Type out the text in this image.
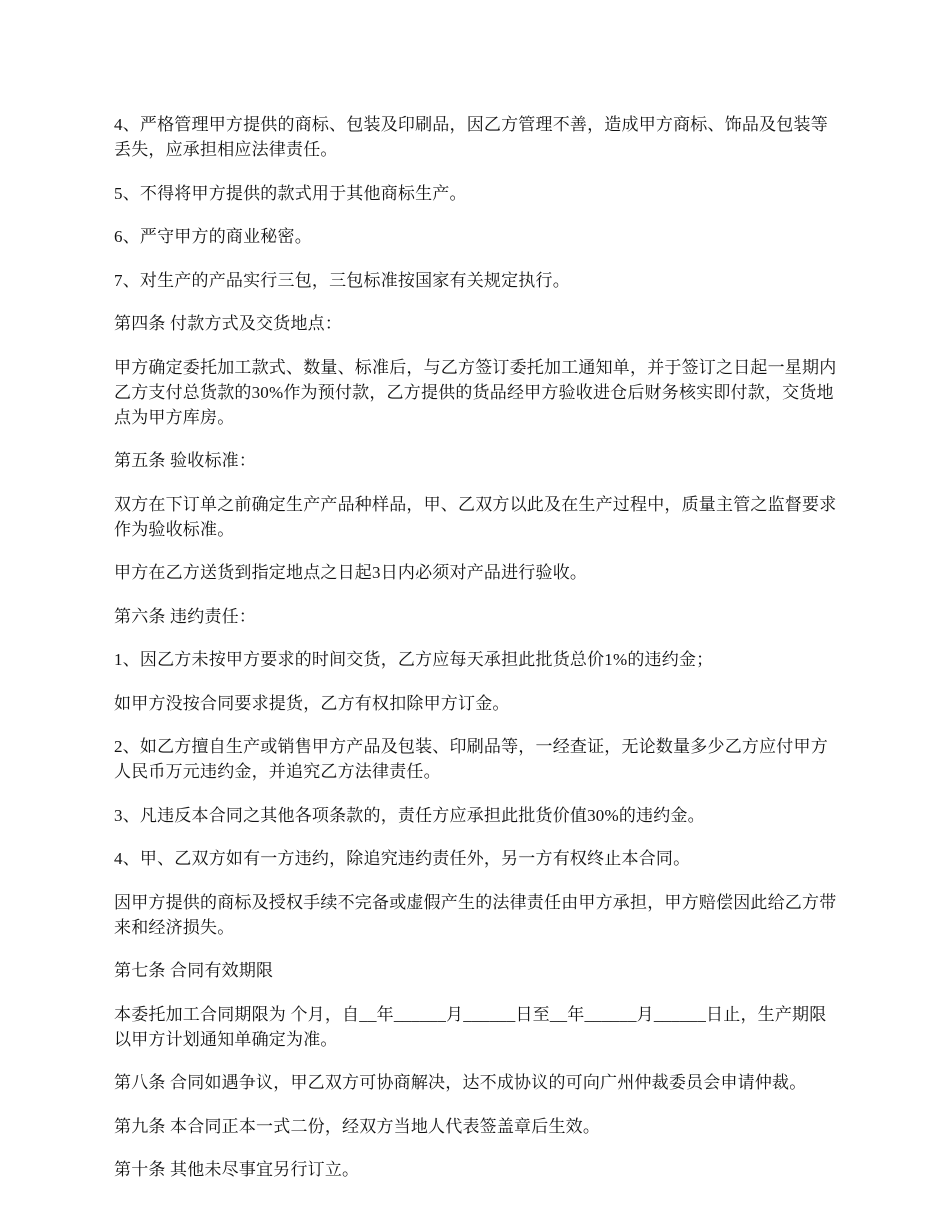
4、严格管理甲方提供的商标、包装及印刷品，因乙方管理不善，造成甲方商标、饰品及包装等丢失，应承担相应法律责任。

5、不得将甲方提供的款式用于其他商标生产。

6、严守甲方的商业秘密。

7、对生产的产品实行三包，三包标准按国家有关规定执行。

第四条 付款方式及交货地点：

甲方确定委托加工款式、数量、标准后，与乙方签订委托加工通知单，并于签订之日起一星期内乙方支付总货款的30%作为预付款，乙方提供的货品经甲方验收进仓后财务核实即付款，交货地点为甲方库房。

第五条 验收标准：

双方在下订单之前确定生产产品种样品，甲、乙双方以此及在生产过程中，质量主管之监督要求作为验收标准。

甲方在乙方送货到指定地点之日起3日内必须对产品进行验收。

第六条 违约责任：

1、因乙方未按甲方要求的时间交货，乙方应每天承担此批货总价1%的违约金；

如甲方没按合同要求提货，乙方有权扣除甲方订金。

2、如乙方擅自生产或销售甲方产品及包装、印刷品等，一经查证，无论数量多少乙方应付甲方人民币万元违约金，并追究乙方法律责任。

3、凡违反本合同之其他各项条款的，责任方应承担此批货价值30%的违约金。

4、甲、乙双方如有一方违约，除追究违约责任外，另一方有权终止本合同。

因甲方提供的商标及授权手续不完备或虚假产生的法律责任由甲方承担，甲方赔偿因此给乙方带来和经济损失。

第七条 合同有效期限

本委托加工合同期限为 个月，自__年______月______日至__年______月______日止，生产期限以甲方计划通知单确定为准。

第八条 合同如遇争议，甲乙双方可协商解决，达不成协议的可向广州仲裁委员会申请仲裁。

第九条 本合同正本一式二份，经双方当地人代表签盖章后生效。

第十条 其他未尽事宜另行订立。
